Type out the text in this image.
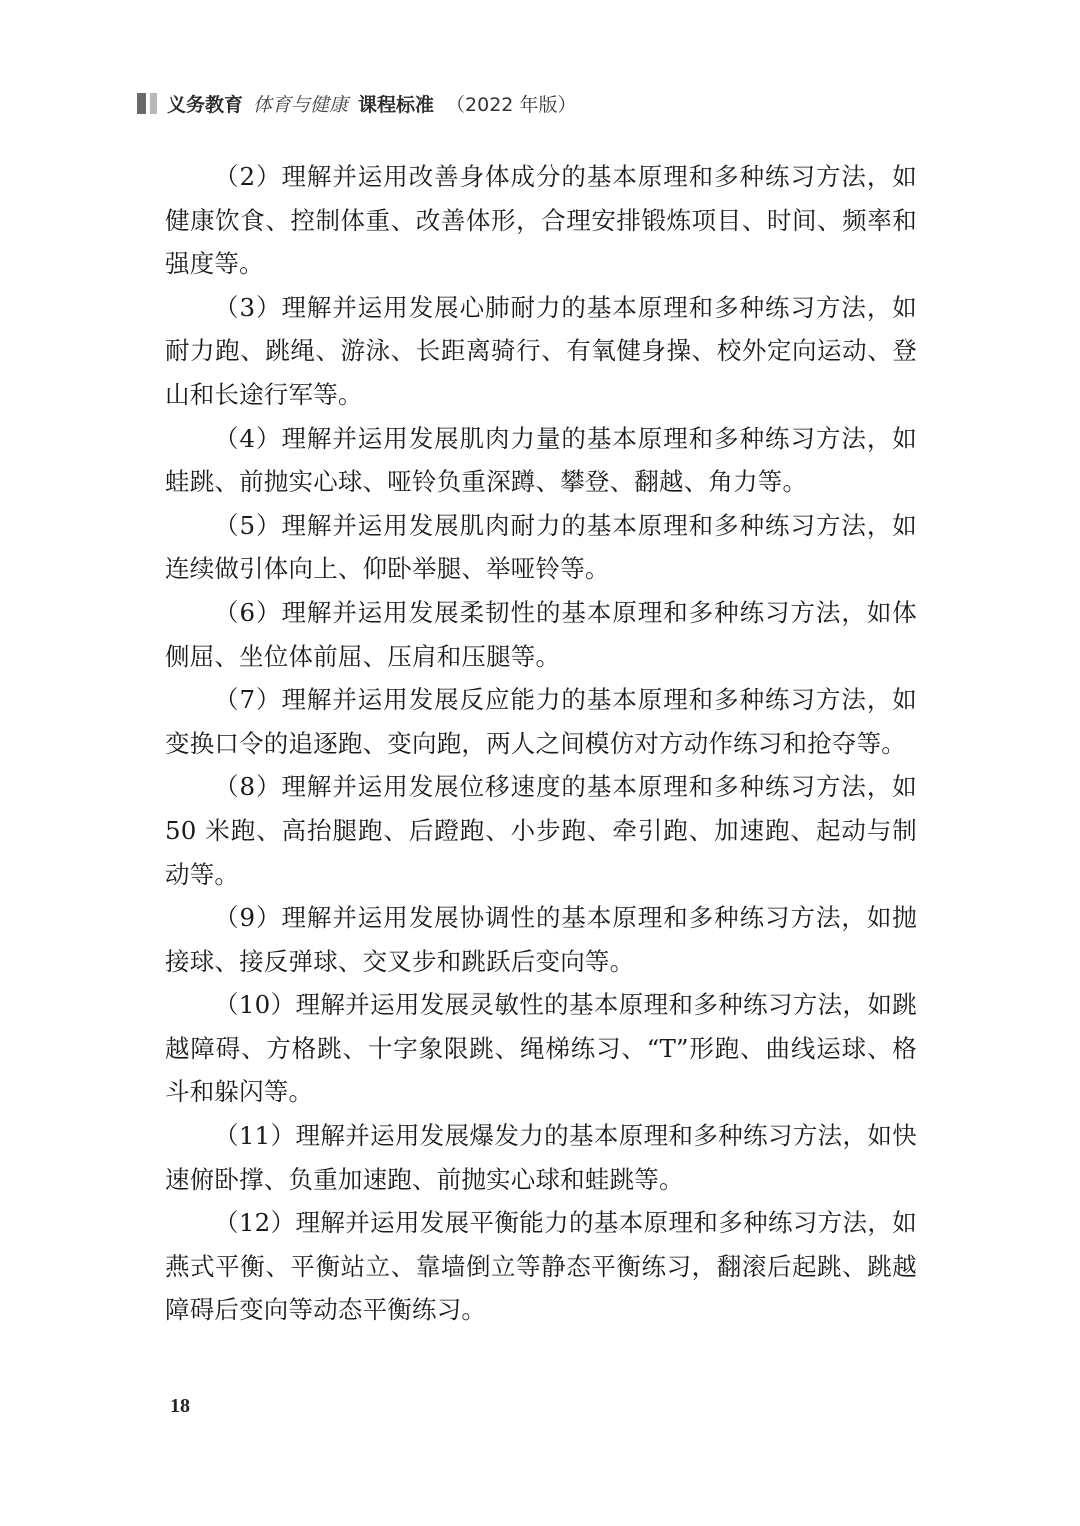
义务教育 体育与健康 课程标准 （2022 年版）

（2）理解并运用改善身体成分的基本原理和多种练习方法，如健康饮食、控制体重、改善体形，合理安排锻炼项目、时间、频率和强度等。

（3）理解并运用发展心肺耐力的基本原理和多种练习方法，如耐力跑、跳绳、游泳、长距离骑行、有氧健身操、校外定向运动、登山和长途行军等。

（4）理解并运用发展肌肉力量的基本原理和多种练习方法，如蛙跳、前抛实心球、哑铃负重深蹲、攀登、翻越、角力等。

（5）理解并运用发展肌肉耐力的基本原理和多种练习方法，如连续做引体向上、仰卧举腿、举哑铃等。

（6）理解并运用发展柔韧性的基本原理和多种练习方法，如体侧屈、坐位体前屈、压肩和压腿等。

（7）理解并运用发展反应能力的基本原理和多种练习方法，如变换口令的追逐跑、变向跑，两人之间模仿对方动作练习和抢夺等。

（8）理解并运用发展位移速度的基本原理和多种练习方法，如50 米跑、高抬腿跑、后蹬跑、小步跑、牵引跑、加速跑、起动与制动等。

（9）理解并运用发展协调性的基本原理和多种练习方法，如抛接球、接反弹球、交叉步和跳跃后变向等。

（10）理解并运用发展灵敏性的基本原理和多种练习方法，如跳越障碍、方格跳、十字象限跳、绳梯练习、“T”形跑、曲线运球、格斗和躲闪等。

（11）理解并运用发展爆发力的基本原理和多种练习方法，如快速俯卧撑、负重加速跑、前抛实心球和蛙跳等。

（12）理解并运用发展平衡能力的基本原理和多种练习方法，如燕式平衡、平衡站立、靠墙倒立等静态平衡练习，翻滚后起跳、跳越障碍后变向等动态平衡练习。

18
